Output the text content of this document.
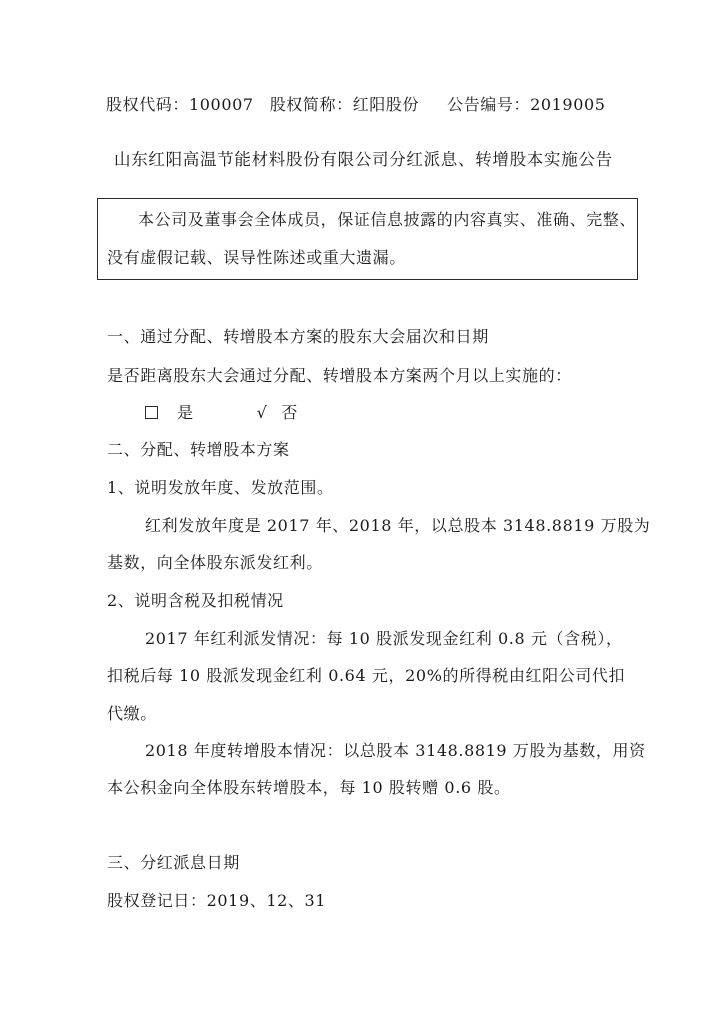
股权代码：100007 股权简称：红阳股份 公告编号：2019005
山东红阳高温节能材料股份有限公司分红派息、转增股本实施公告
本公司及董事会全体成员，保证信息披露的内容真实、准确、完整、
没有虚假记载、误导性陈述或重大遗漏。
一、通过分配、转增股本方案的股东大会届次和日期
是否距离股东大会通过分配、转增股本方案两个月以上实施的：
是	√ 否
二、分配、转增股本方案
1、说明发放年度、发放范围。
红利发放年度是 2017 年、2018 年，以总股本 3148.8819 万股为
基数，向全体股东派发红利。
2、说明含税及扣税情况
2017 年红利派发情况：每 10 股派发现金红利 0.8 元（含税），
扣税后每 10 股派发现金红利 0.64 元，20%的所得税由红阳公司代扣
代缴。
2018 年度转增股本情况：以总股本 3148.8819 万股为基数，用资
本公积金向全体股东转增股本，每 10 股转赠 0.6 股。
三、分红派息日期
股权登记日：2019、12、31
